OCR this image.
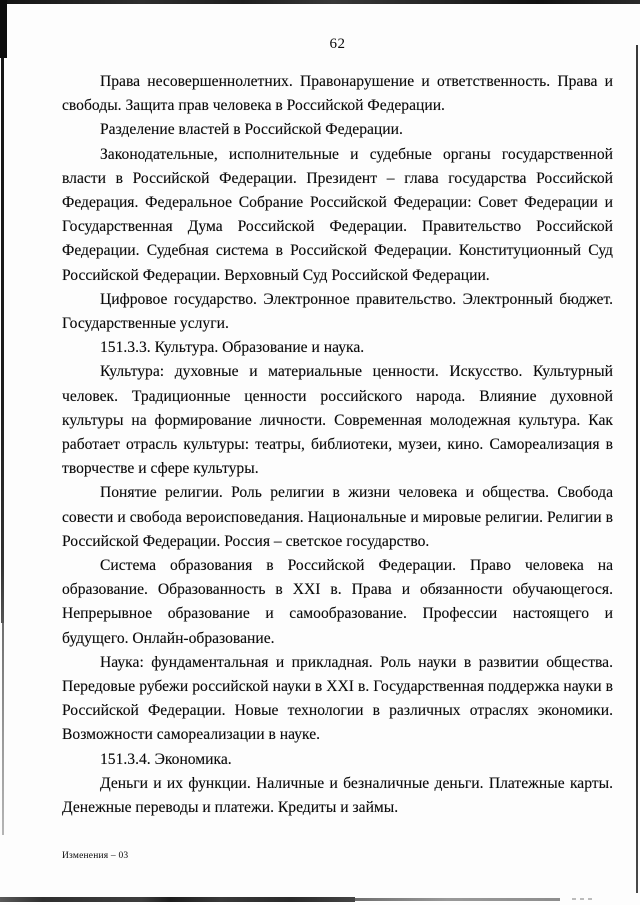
62

Права несовершеннолетних. Правонарушение и ответственность. Права и свободы. Защита прав человека в Российской Федерации.

Разделение властей в Российской Федерации.

Законодательные, исполнительные и судебные органы государственной власти в Российской Федерации. Президент – глава государства Российской Федерация. Федеральное Собрание Российской Федерации: Совет Федерации и Государственная Дума Российской Федерации. Правительство Российской Федерации. Судебная система в Российской Федерации. Конституционный Суд Российской Федерации. Верховный Суд Российской Федерации.

Цифровое государство. Электронное правительство. Электронный бюджет. Государственные услуги.

151.3.3. Культура. Образование и наука.

Культура: духовные и материальные ценности. Искусство. Культурный человек. Традиционные ценности российского народа. Влияние духовной культуры на формирование личности. Современная молодежная культура. Как работает отрасль культуры: театры, библиотеки, музеи, кино. Самореализация в творчестве и сфере культуры.

Понятие религии. Роль религии в жизни человека и общества. Свобода совести и свобода вероисповедания. Национальные и мировые религии. Религии в Российской Федерации. Россия – светское государство.

Система образования в Российской Федерации. Право человека на образование. Образованность в XXI в. Права и обязанности обучающегося. Непрерывное образование и самообразование. Профессии настоящего и будущего. Онлайн-образование.

Наука: фундаментальная и прикладная. Роль науки в развитии общества. Передовые рубежи российской науки в XXI в. Государственная поддержка науки в Российской Федерации. Новые технологии в различных отраслях экономики. Возможности самореализации в науке.

151.3.4. Экономика.

Деньги и их функции. Наличные и безналичные деньги. Платежные карты. Денежные переводы и платежи. Кредиты и займы.

Изменения – 03
